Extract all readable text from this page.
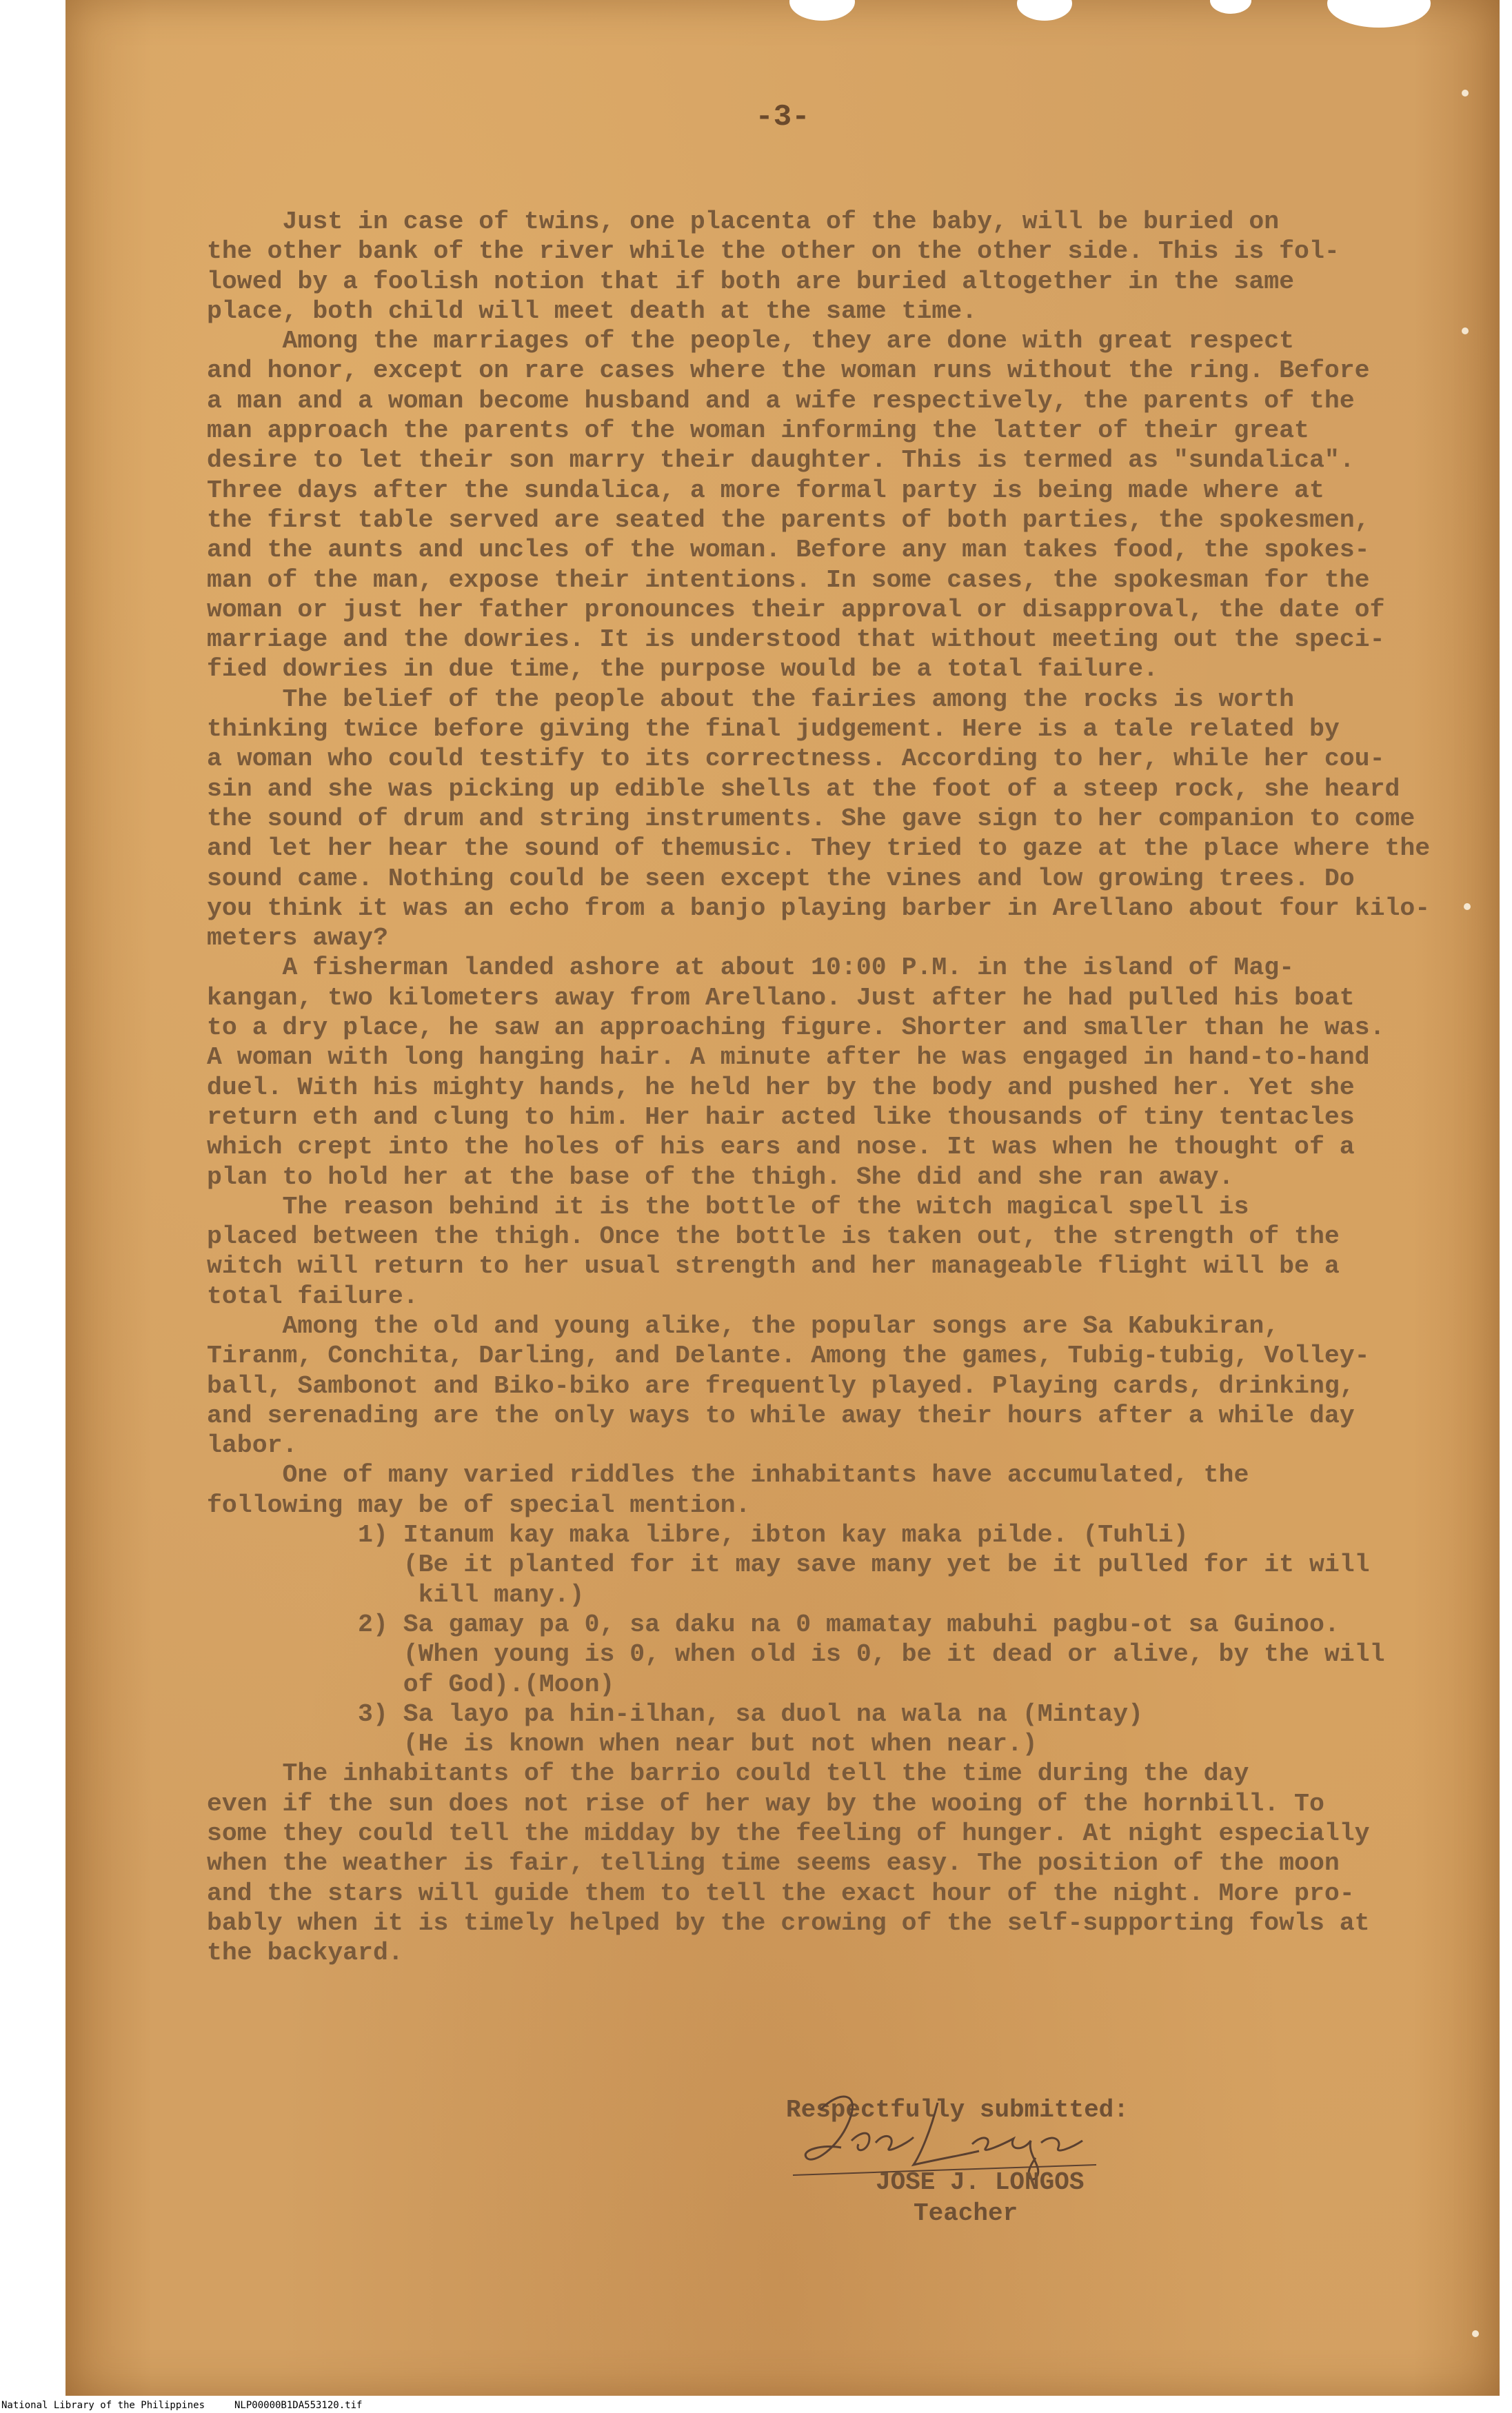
-3-
Just in case of twins, one placenta of the baby, will be buried on
the other bank of the river while the other on the other side. This is fol-
lowed by a foolish notion that if both are buried altogether in the same
place, both child will meet death at the same time.
Among the marriages of the people, they are done with great respect
and honor, except on rare cases where the woman runs without the ring. Before
a man and a woman become husband and a wife respectively, the parents of the
man approach the parents of the woman informing the latter of their great
desire to let their son marry their daughter. This is termed as "sundalica".
Three days after the sundalica, a more formal party is being made where at
the first table served are seated the parents of both parties, the spokesmen,
and the aunts and uncles of the woman. Before any man takes food, the spokes-
man of the man, expose their intentions. In some cases, the spokesman for the
woman or just her father pronounces their approval or disapproval, the date of
marriage and the dowries. It is understood that without meeting out the speci-
fied dowries in due time, the purpose would be a total failure.
The belief of the people about the fairies among the rocks is worth
thinking twice before giving the final judgement. Here is a tale related by
a woman who could testify to its correctness. According to her, while her cou-
sin and she was picking up edible shells at the foot of a steep rock, she heard
the sound of drum and string instruments. She gave sign to her companion to come
and let her hear the sound of themusic. They tried to gaze at the place where the
sound came. Nothing could be seen except the vines and low growing trees. Do
you think it was an echo from a banjo playing barber in Arellano about four kilo-
meters away?
A fisherman landed ashore at about 10:00 P.M. in the island of Mag-
kangan, two kilometers away from Arellano. Just after he had pulled his boat
to a dry place, he saw an approaching figure. Shorter and smaller than he was.
A woman with long hanging hair. A minute after he was engaged in hand-to-hand
duel. With his mighty hands, he held her by the body and pushed her. Yet she
return eth and clung to him. Her hair acted like thousands of tiny tentacles
which crept into the holes of his ears and nose. It was when he thought of a
plan to hold her at the base of the thigh. She did and she ran away.
The reason behind it is the bottle of the witch magical spell is
placed between the thigh. Once the bottle is taken out, the strength of the
witch will return to her usual strength and her manageable flight will be a
total failure.
Among the old and young alike, the popular songs are Sa Kabukiran,
Tiranm, Conchita, Darling, and Delante. Among the games, Tubig-tubig, Volley-
ball, Sambonot and Biko-biko are frequently played. Playing cards, drinking,
and serenading are the only ways to while away their hours after a while day
labor.
One of many varied riddles the inhabitants have accumulated, the
following may be of special mention.
1) Itanum kay maka libre, ibton kay maka pilde. (Tuhli)
(Be it planted for it may save many yet be it pulled for it will
kill many.)
2) Sa gamay pa 0, sa daku na 0 mamatay mabuhi pagbu-ot sa Guinoo.
(When young is 0, when old is 0, be it dead or alive, by the will
of God).(Moon)
3) Sa layo pa hin-ilhan, sa duol na wala na (Mintay)
(He is known when near but not when near.)
The inhabitants of the barrio could tell the time during the day
even if the sun does not rise of her way by the wooing of the hornbill. To
some they could tell the midday by the feeling of hunger. At night especially
when the weather is fair, telling time seems easy. The position of the moon
and the stars will guide them to tell the exact hour of the night. More pro-
bably when it is timely helped by the crowing of the self-supporting fowls at
the backyard.
Respectfully submitted:
JOSE J. LONGOS
Teacher
National Library of the Philippines	NLP00000B1DA553120.tif
